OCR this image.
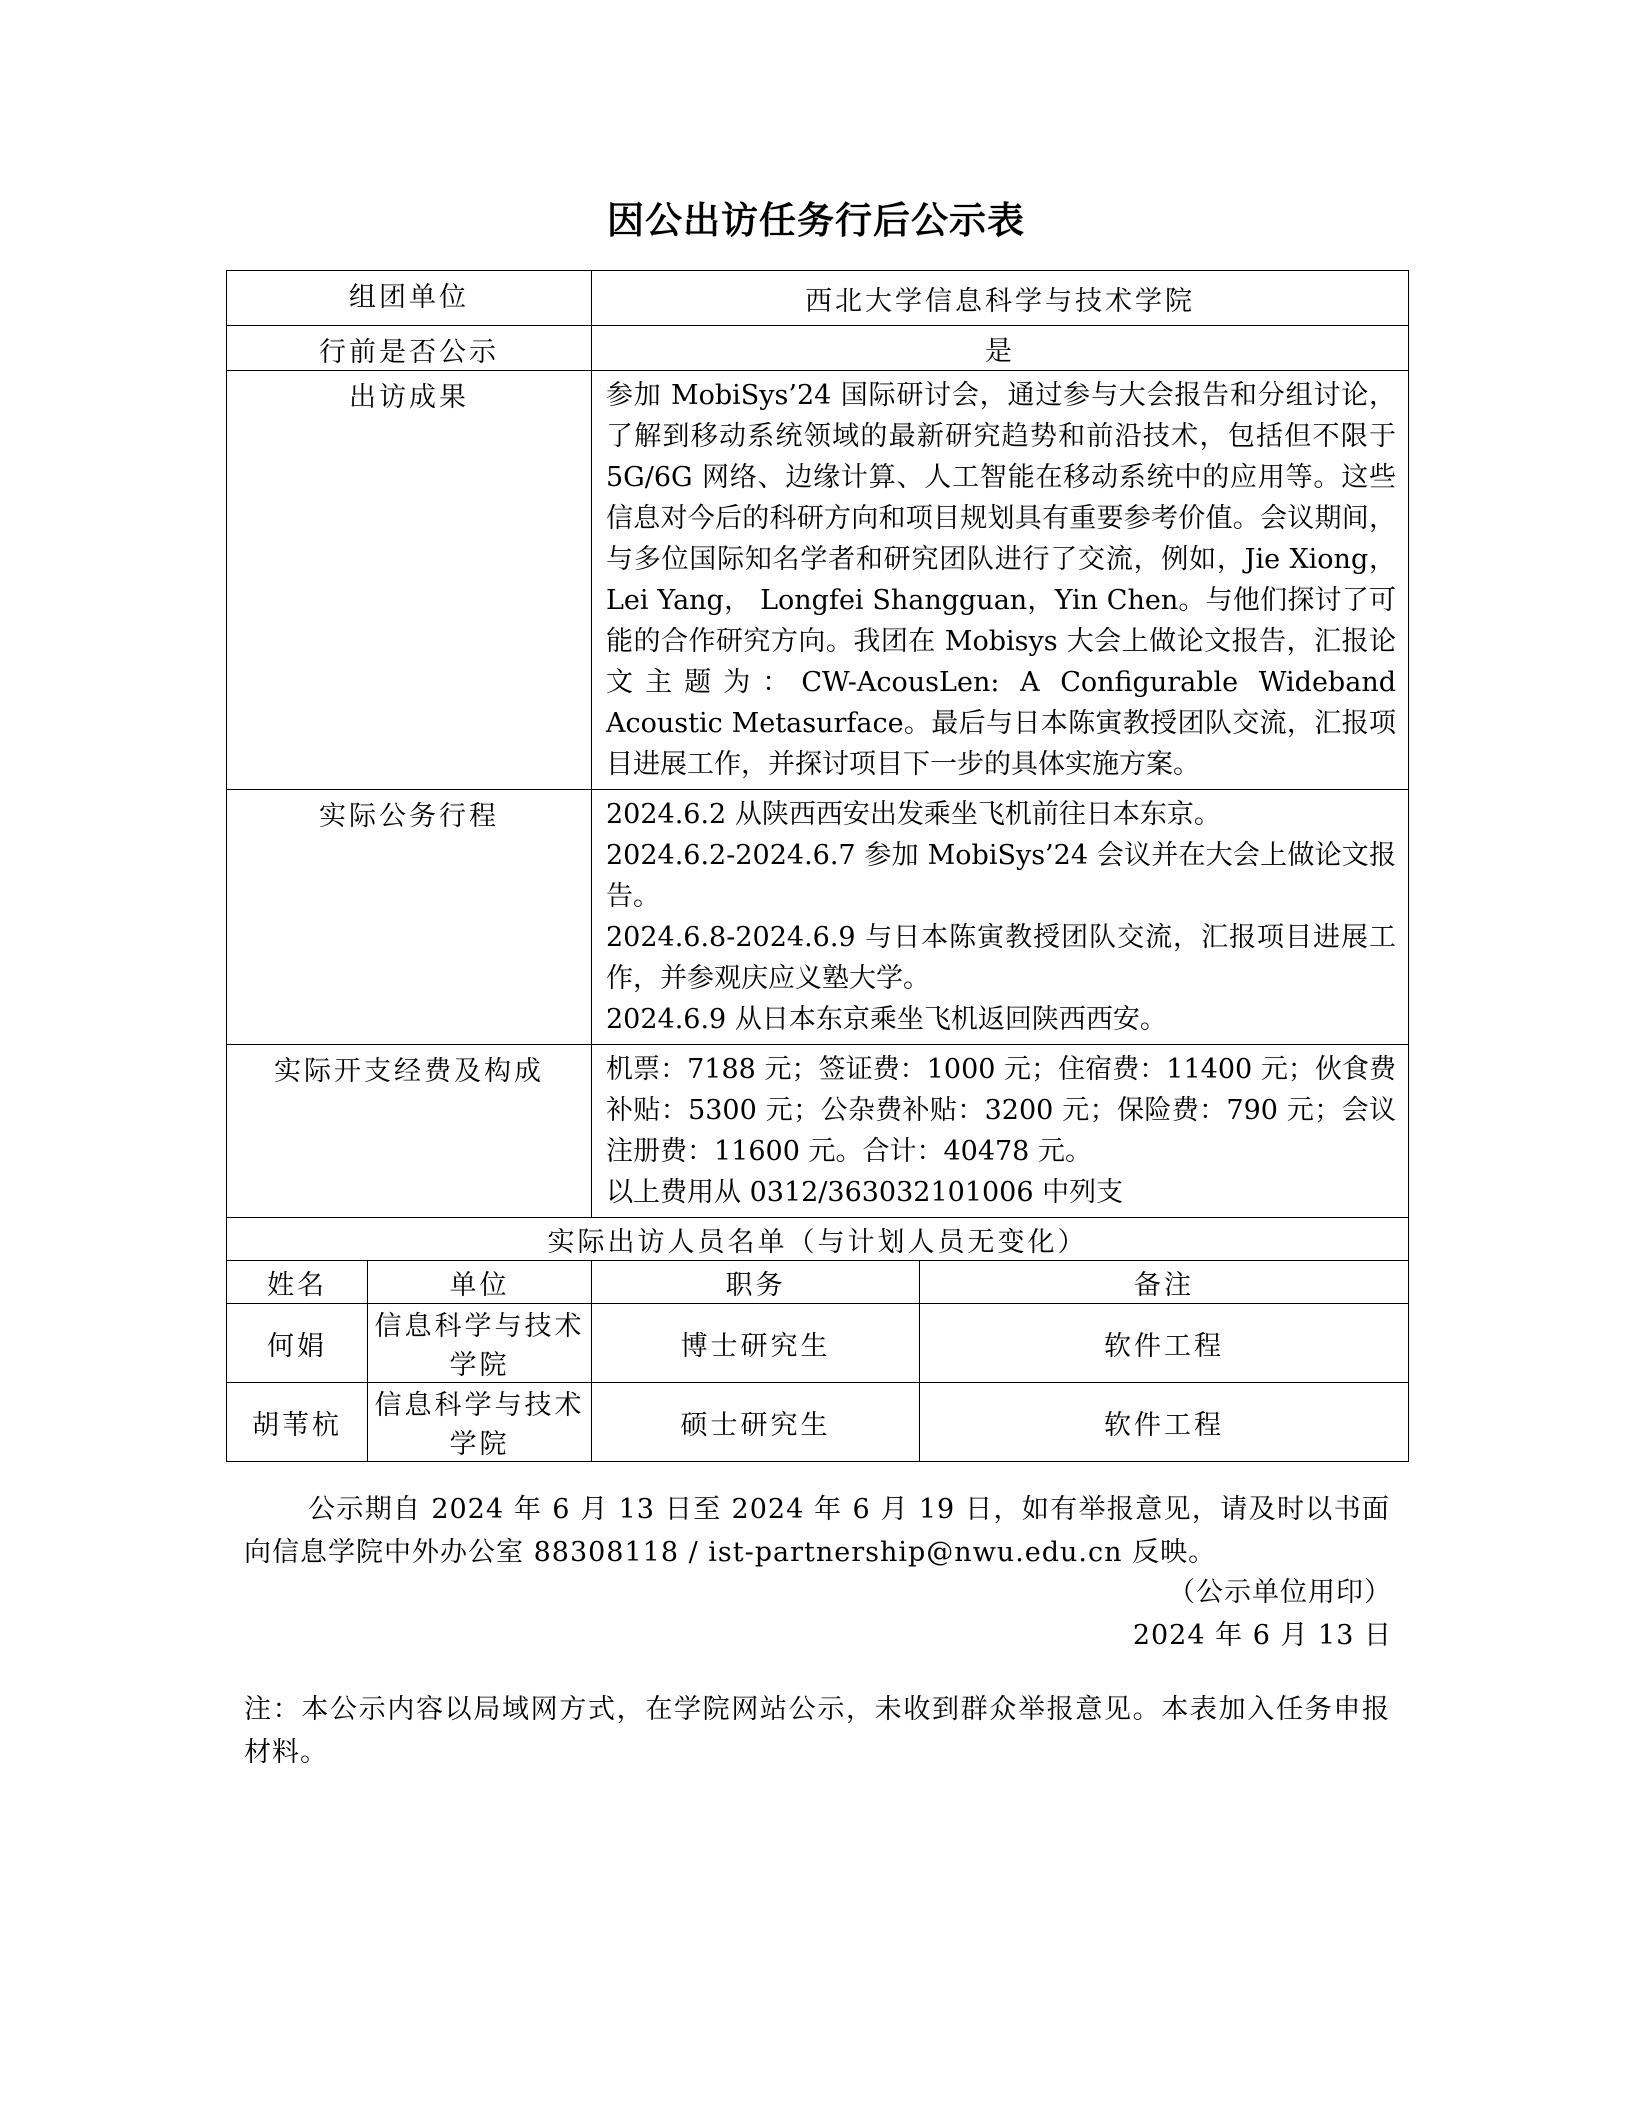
因公出访任务行后公示表
组团单位		西北大学信息科学与技术学院	
行前是否公示		是	
出访成果		参加 MobiSys’24 国际研讨会，通过参与大会报告和分组讨论，了解到移动系统领域的最新研究趋势和前沿技术，包括但不限于 5G/6G 网络、边缘计算、人工智能在移动系统中的应用等。这些信息对今后的科研方向和项目规划具有重要参考价值。会议期间，与多位国际知名学者和研究团队进行了交流，例如，Jie Xiong，Lei Yang， Longfei Shangguan，Yin Chen。与他们探讨了可能的合作研究方向。我团在 Mobisys 大会上做论文报告，汇报论文主题为：CW-AcousLen: A Configurable Wideband Acoustic Metasurface。最后与日本陈寅教授团队交流，汇报项目进展工作，并探讨项目下一步的具体实施方案。	
实际公务行程		2024.6.2 从陕西西安出发乘坐飞机前往日本东京。

2024.6.2-2024.6.7 参加 MobiSys’24 会议并在大会上做论文报告。

2024.6.8-2024.6.9 与日本陈寅教授团队交流，汇报项目进展工作，并参观庆应义塾大学。

2024.6.9 从日本东京乘坐飞机返回陕西西安。	

实际开支经费及构成		机票：7188 元；签证费：1000 元；住宿费：11400 元；伙食费补贴：5300 元；公杂费补贴：3200 元；保险费：790 元；会议注册费：11600 元。合计：40478 元。

以上费用从 0312/363032101006 中列支	

实际出访人员名单（与计划人员无变化）			
姓名	单位	职务	备注
何娟	信息科学与技术学院	博士研究生	软件工程
胡苇杭	信息科学与技术学院	硕士研究生	软件工程
公示期自 2024 年 6 月 13 日至 2024 年 6 月 19 日，如有举报意见，请及时以书面向信息学院中外办公室 88308118 / ist-partnership@nwu.edu.cn 反映。
（公示单位用印）
2024 年 6 月 13 日
注：本公示内容以局域网方式，在学院网站公示，未收到群众举报意见。本表加入任务申报材料。
